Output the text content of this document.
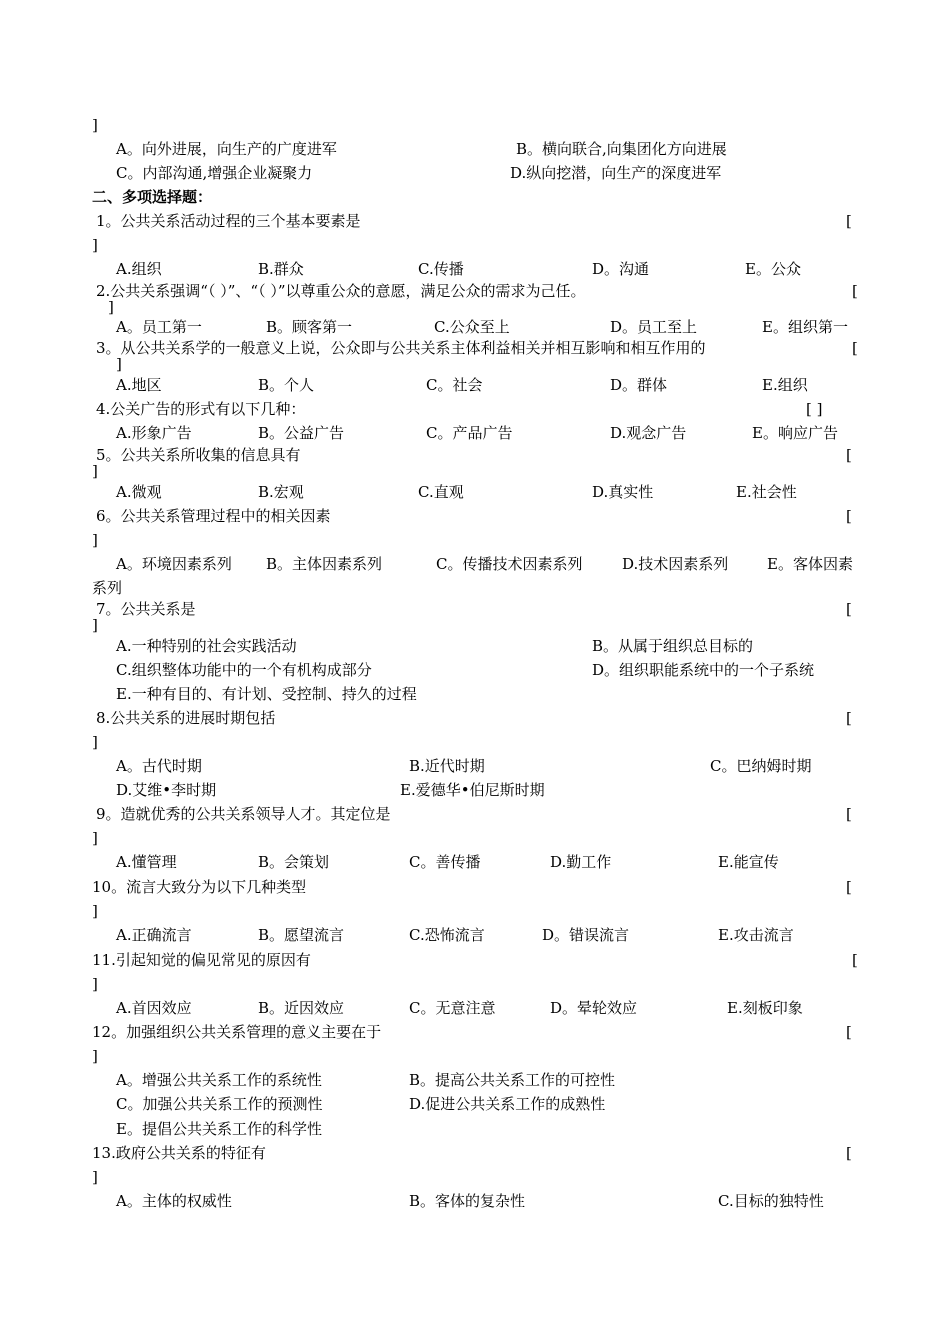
]
A。向外进展，向生产的广度进军	B。横向联合,向集团化方向进展
C。内部沟通,增强企业凝聚力	D.纵向挖潜，向生产的深度进军
二、多项选择题：
1。公共关系活动过程的三个基本要素是	[
]
A.组织	B.群众	C.传播	D。沟通	E。公众
2.公共关系强调“（ ）”、“（ ）”以尊重公众的意愿，满足公众的需求为己任。	[
]
A。员工第一	B。顾客第一	C.公众至上	D。员工至上	E。组织第一
3。从公共关系学的一般意义上说，公众即与公共关系主体利益相关并相互影响和相互作用的	[
]
A.地区	B。个人	C。社会	D。群体	E.组织
4.公关广告的形式有以下几种：	[ ]
A.形象广告	B。公益广告	C。产品广告	D.观念广告	E。响应广告
5。公共关系所收集的信息具有	[
]
A.微观	B.宏观	C.直观	D.真实性	E.社会性
6。公共关系管理过程中的相关因素	[
]
A。环境因素系列 B。主体因素系列	C。传播技术因素系列	D.技术因素系列	E。客体因素
系列
7。公共关系是	[
]
A.一种特别的社会实践活动	B。从属于组织总目标的
C.组织整体功能中的一个有机构成部分	D。组织职能系统中的一个子系统
E.一种有目的、有计划、受控制、持久的过程
8.公共关系的进展时期包括	[
]
A。古代时期	B.近代时期	C。巴纳姆时期
D.艾维•李时期	E.爱德华•伯尼斯时期
9。造就优秀的公共关系领导人才。其定位是	[
]
A.懂管理	B。会策划	C。善传播	D.勤工作	E.能宣传
10。流言大致分为以下几种类型	[
]
A.正确流言	B。愿望流言	C.恐怖流言	D。错误流言	E.攻击流言
11.引起知觉的偏见常见的原因有	[
]
A.首因效应	B。近因效应	C。无意注意	D。晕轮效应	E.刻板印象
12。加强组织公共关系管理的意义主要在于	[
]
A。增强公共关系工作的系统性	B。提高公共关系工作的可控性
C。加强公共关系工作的预测性	D.促进公共关系工作的成熟性
E。提倡公共关系工作的科学性
13.政府公共关系的特征有	[
]
A。主体的权威性	B。客体的复杂性	C.目标的独特性
